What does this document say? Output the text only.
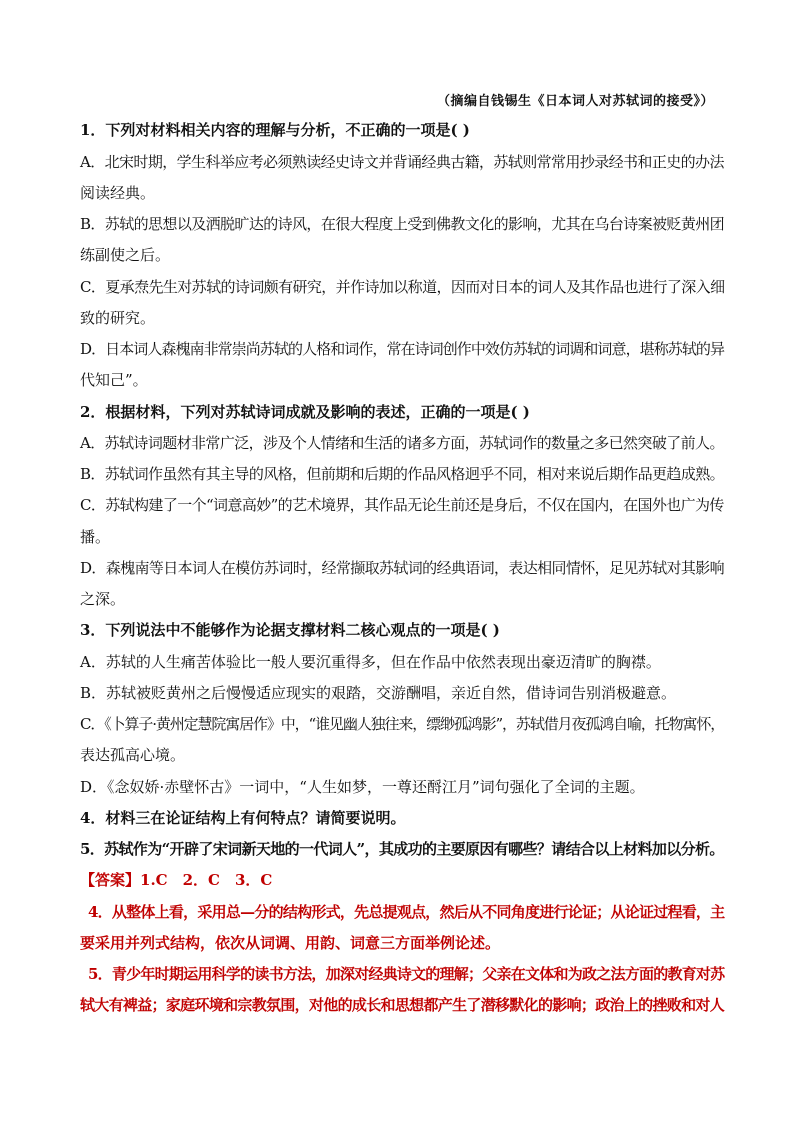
（摘编自钱锡生《日本词人对苏轼词的接受》）
1．下列对材料相关内容的理解与分析，不正确的一项是( )
A．北宋时期，学生科举应考必须熟读经史诗文并背诵经典古籍，苏轼则常常用抄录经书和正史的办法
阅读经典。
B．苏轼的思想以及洒脱旷达的诗风，在很大程度上受到佛教文化的影响，尤其在乌台诗案被贬黄州团
练副使之后。
C．夏承焘先生对苏轼的诗词颇有研究，并作诗加以称道，因而对日本的词人及其作品也进行了深入细
致的研究。
D．日本词人森槐南非常崇尚苏轼的人格和词作，常在诗词创作中效仿苏轼的词调和词意，堪称苏轼的异
代知己”。
2．根据材料，下列对苏轼诗词成就及影响的表述，正确的一项是( )
A．苏轼诗词题材非常广泛，涉及个人情绪和生活的诸多方面，苏轼词作的数量之多已然突破了前人。
B．苏轼词作虽然有其主导的风格，但前期和后期的作品风格迥乎不同，相对来说后期作品更趋成熟。
C．苏轼构建了一个“词意高妙”的艺术境界，其作品无论生前还是身后，不仅在国内，在国外也广为传
播。
D．森槐南等日本词人在模仿苏词时，经常撷取苏轼词的经典语词，表达相同情怀，足见苏轼对其影响
之深。
3．下列说法中不能够作为论据支撑材料二核心观点的一项是( )
A．苏轼的人生痛苦体验比一般人要沉重得多，但在作品中依然表现出豪迈清旷的胸襟。
B．苏轼被贬黄州之后慢慢适应现实的艰踏，交游酬唱，亲近自然，借诗词告别消极避意。
C．《卜算子·黄州定慧院寓居作》中，“谁见幽人独往来，缥缈孤鸿影”，苏轼借月夜孤鸿自喻，托物寓怀，
表达孤高心境。
D．《念奴娇·赤壁怀古》一词中，“人生如梦，一尊还酹江月”词句强化了全词的主题。
4．材料三在论证结构上有何特点？请简要说明。
5．苏轼作为“开辟了宋词新天地的一代词人”，其成功的主要原因有哪些？请结合以上材料加以分析。
【答案】1.C　2．C　3．C
4．从整体上看，采用总—分的结构形式，先总提观点，然后从不同角度进行论证；从论证过程看，主
要采用并列式结构，依次从词调、用韵、词意三方面举例论述。
5．青少年时期运用科学的读书方法，加深对经典诗文的理解；父亲在文体和为政之法方面的教育对苏
轼大有裨益；家庭环境和宗教氛围，对他的成长和思想都产生了潜移默化的影响；政治上的挫败和对人
